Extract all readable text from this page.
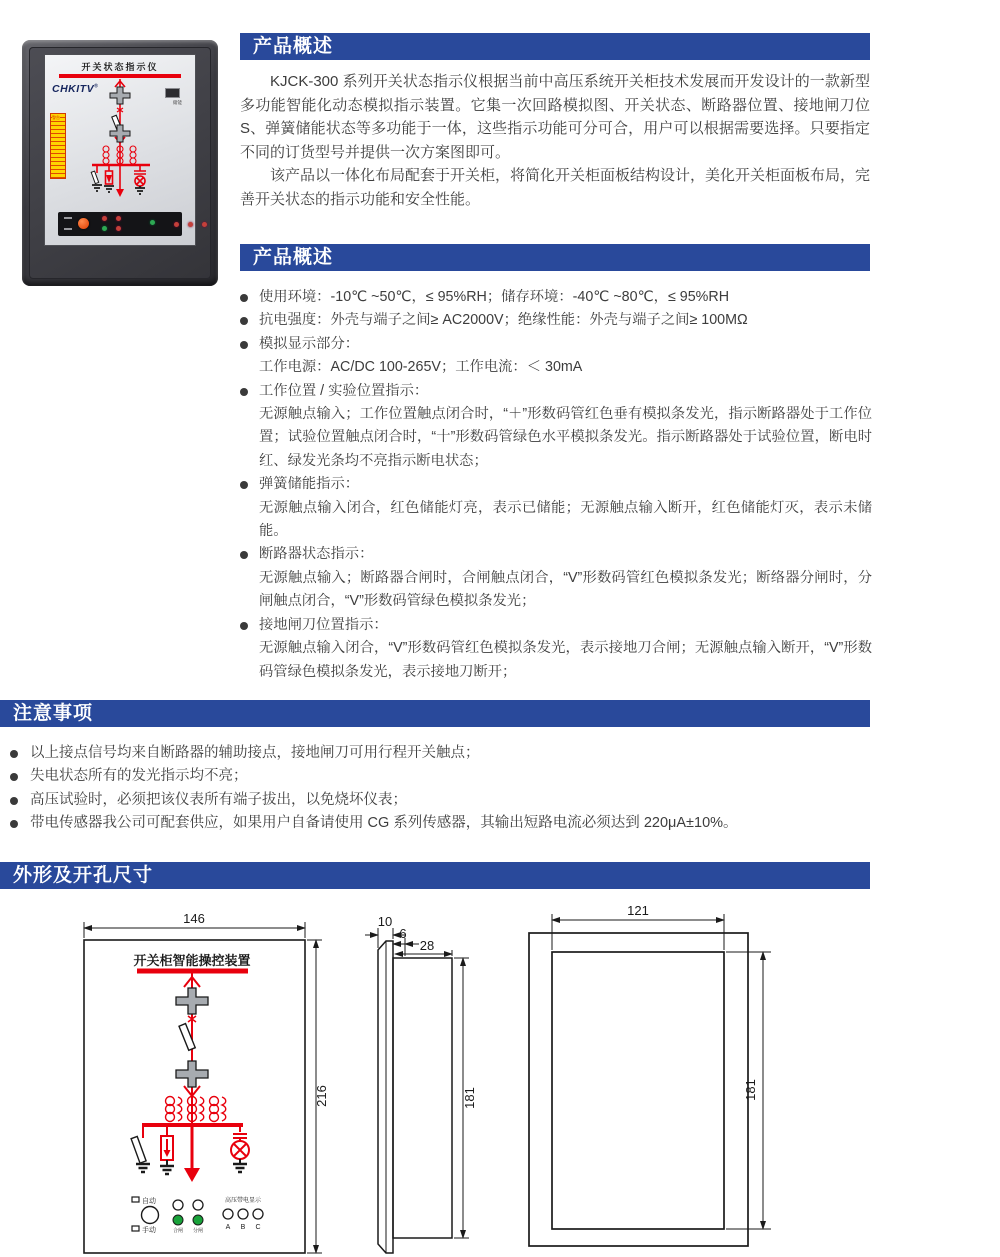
开关状态指示仪
CHKITV®
警告
储能
产品概述

KJCK-300 系列开关状态指示仪根据当前中高压系统开关柜技术发展而开发设计的一款新型多功能智能化动态模拟指示装置。它集一次回路模拟图、开关状态、断路器位置、接地闸刀位 S、弹簧储能状态等多功能于一体，这些指示功能可分可合，用户可以根据需要选择。只要指定不同的订货型号并提供一次方案图即可。

该产品以一体化布局配套于开关柜，将简化开关柜面板结构设计，美化开关柜面板布局，完善开关状态的指示功能和安全性能。

产品概述
使用环境：-10℃ ~50℃，≤ 95%RH；储存环境：-40℃ ~80℃，≤ 95%RH
抗电强度：外壳与端子之间≥ AC2000V；绝缘性能：外壳与端子之间≥ 100MΩ
模拟显示部分：
工作电源：AC/DC 100-265V；工作电流：＜ 30mA
工作位置 / 实验位置指示：
无源触点输入；工作位置触点闭合时，“＋”形数码管红色垂有模拟条发光，指示断路器处于工作位置；试验位置触点闭合时，“十”形数码管绿色水平模拟条发光。指示断路器处于试验位置，断电时红、绿发光条均不亮指示断电状态；
弹簧储能指示：
无源触点输入闭合，红色储能灯亮，表示已储能；无源触点输入断开，红色储能灯灭，表示未储能。
断路器状态指示：
无源触点输入；断路器合闸时，合闸触点闭合，“V”形数码管红色模拟条发光；断络器分闸时，分闸触点闭合，“V”形数码管绿色模拟条发光；
接地闸刀位置指示：
无源触点输入闭合，“V”形数码管红色模拟条发光，表示接地刀合闸；无源触点输入断开，“V”形数码管绿色模拟条发光，表示接地刀断开；
注意事项
以上接点信号均来自断路器的辅助接点，接地闸刀可用行程开关触点；
失电状态所有的发光指示均不亮；
高压试验时，必须把该仪表所有端子拔出，以免烧坏仪表；
带电传感器我公司可配套供应，如果用户自备请使用 CG 系列传感器，其输出短路电流必须达到 220μA±10%。
外形及开孔尺寸
146
216
开关柜智能操控装置
自动
手动	合闸 分闸
高压带电显示
A B C
10
6
28
181
121
181
